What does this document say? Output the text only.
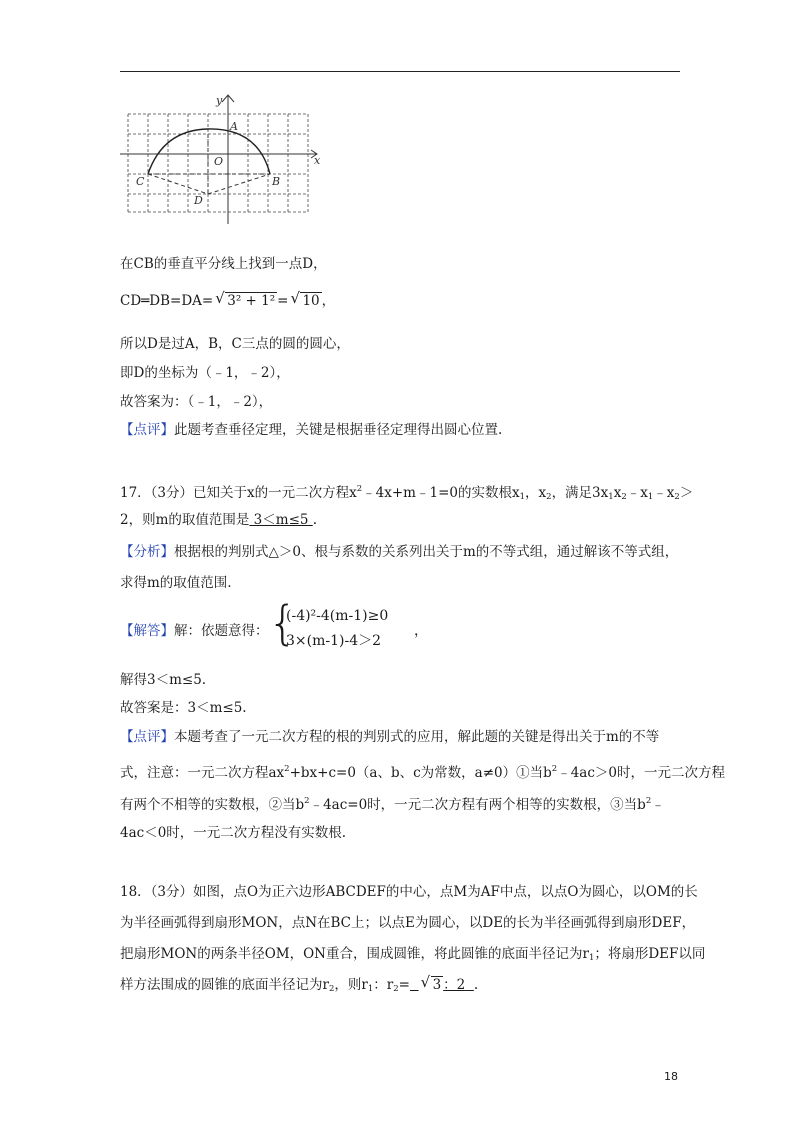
y
x
O
A
B
C
D
在CB的垂直平分线上找到一点D，
CD═DB=DA= √ 3² + 1² = √ 10 ，
所以D是过A，B，C三点的圆的圆心，
即D的坐标为（﹣1，﹣2），
故答案为：（﹣1，﹣2），
【点评】此题考查垂径定理，关键是根据垂径定理得出圆心位置.
17．（3分）已知关于x的一元二次方程$x^2﹣4x+m﹣1=0$的实数根$x_1$，$x_2$，满足$3x_1x_2﹣x_1﹣x_2>$
2，则m的取值范围是 3＜m≤5 .
【分析】根据根的判别式△＞0、根与系数的关系列出关于m的不等式组，通过解该不等式组，
求得m的取值范围.
【解答】解：依题意得： {
(-4)²-4(m-1)≥0
3×(m-1)-4＞2
，
解得3＜m≤5.
故答案是：3＜m≤5.
【点评】本题考查了一元二次方程的根的判别式的应用，解此题的关键是得出关于m的不等
式，注意：一元二次方程$ax^2+bx+c=0(a$、b、c为常数，a≠0）①当$b^2﹣4ac>0$时，一元二次方程
有两个不相等的实数根，②当$b^2﹣4ac=0$时，一元二次方程有两个相等的实数根，③当$b^2﹣$
4ac＜0时，一元二次方程没有实数根.
18．（3分）如图，点O为正六边形ABCDEF的中心，点M为AF中点，以点O为圆心，以OM的长
为半径画弧得到扇形MON，点N在BC上；以点E为圆心，以DE的长为半径画弧得到扇形DEF，
把扇形MON的两条半径OM，ON重合，围成圆锥，将此圆锥的底面半径记为$r_1$；将扇形DEF以同
样方法围成的圆锥的底面半径记为$r_2$，则$r_1$：$r_2=$ √ 3 ：2 .
18
